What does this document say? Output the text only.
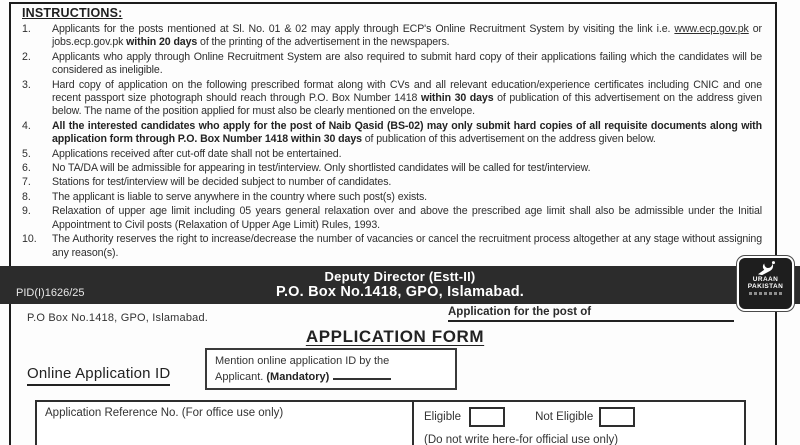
INSTRUCTIONS:
1.	Applicants for the posts mentioned at Sl. No. 01 & 02 may apply through ECP's Online Recruitment System by visiting the link i.e. www.ecp.gov.pk or jobs.ecp.gov.pk within 20 days of the printing of the advertisement in the newspapers.
2.	Applicants who apply through Online Recruitment System are also required to submit hard copy of their applications failing which the candidates will be considered as ineligible.
3.	Hard copy of application on the following prescribed format along with CVs and all relevant education/experience certificates including CNIC and one recent passport size photograph should reach through P.O. Box Number 1418 within 30 days of publication of this advertisement on the address given below. The name of the position applied for must also be clearly mentioned on the envelope.
4.	All the interested candidates who apply for the post of Naib Qasid (BS-02) may only submit hard copies of all requisite documents along with application form through P.O. Box Number 1418 within 30 days of publication of this advertisement on the address given below.
5.	Applications received after cut-off date shall not be entertained.
6.	No TA/DA will be admissible for appearing in test/interview. Only shortlisted candidates will be called for test/interview.
7.	Stations for test/interview will be decided subject to number of candidates.
8.	The applicant is liable to serve anywhere in the country where such post(s) exists.
9.	Relaxation of upper age limit including 05 years general relaxation over and above the prescribed age limit shall also be admissible under the Initial Appointment to Civil posts (Relaxation of Upper Age Limit) Rules, 1993.
10.	The Authority reserves the right to increase/decrease the number of vacancies or cancel the recruitment process altogether at any stage without assigning any reason(s).
Deputy Director (Estt-II)
P.O. Box No.1418, GPO, Islamabad.
PID(I)1626/25
URAAN
PAKISTAN
P.O Box No.1418, GPO, Islamabad.	Application for the post of
APPLICATION FORM
Online Application ID
Mention online application ID by the
Applicant. (Mandatory)
Application Reference No. (For office use only)	Eligible	Not Eligible
(Do not write here-for official use only)
